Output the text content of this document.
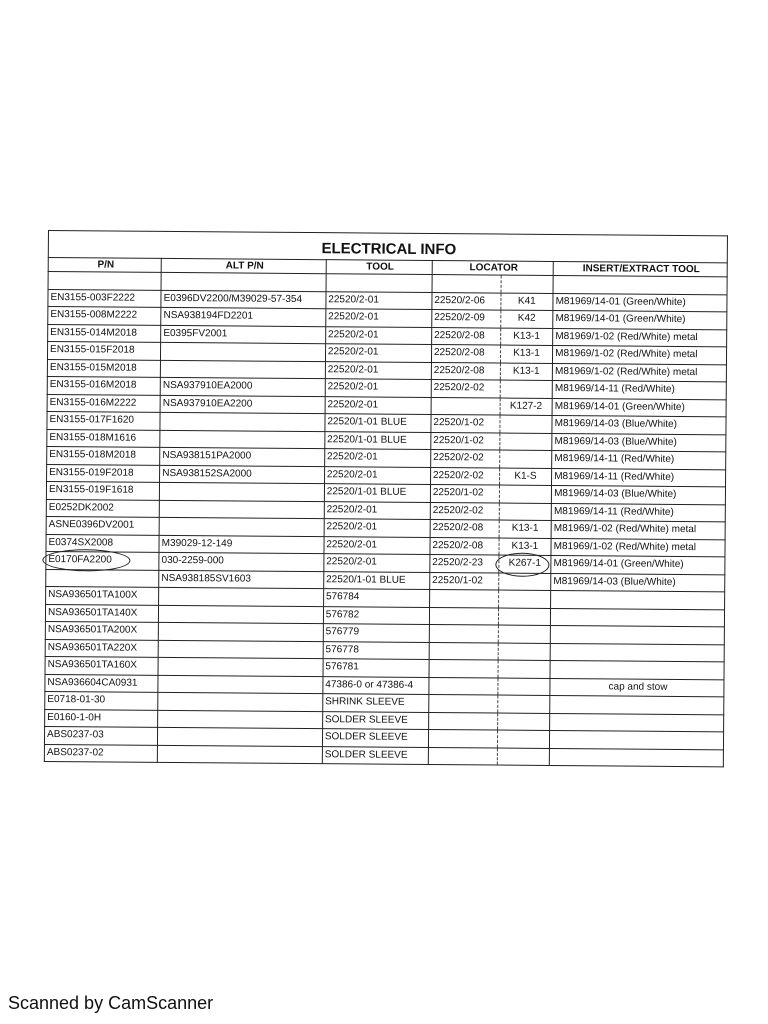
ELECTRICAL INFO					
P/N	ALT P/N	TOOL	LOCATOR		INSERT/EXTRACT TOOL

EN3155-003F2222	E0396DV2200/M39029-57-354	22520/2-01	22520/2-06	K41	M81969/14-01 (Green/White)
EN3155-008M2222	NSA938194FD2201	22520/2-01	22520/2-09	K42	M81969/14-01 (Green/White)
EN3155-014M2018	E0395FV2001	22520/2-01	22520/2-08	K13-1	M81969/1-02 (Red/White) metal
EN3155-015F2018		22520/2-01	22520/2-08	K13-1	M81969/1-02 (Red/White) metal
EN3155-015M2018		22520/2-01	22520/2-08	K13-1	M81969/1-02 (Red/White) metal
EN3155-016M2018	NSA937910EA2000	22520/2-01	22520/2-02		M81969/14-11 (Red/White)
EN3155-016M2222	NSA937910EA2200	22520/2-01		K127-2	M81969/14-01 (Green/White)
EN3155-017F1620		22520/1-01 BLUE	22520/1-02		M81969/14-03 (Blue/White)
EN3155-018M1616		22520/1-01 BLUE	22520/1-02		M81969/14-03 (Blue/White)
EN3155-018M2018	NSA938151PA2000	22520/2-01	22520/2-02		M81969/14-11 (Red/White)
EN3155-019F2018	NSA938152SA2000	22520/2-01	22520/2-02	K1-S	M81969/14-11 (Red/White)
EN3155-019F1618		22520/1-01 BLUE	22520/1-02		M81969/14-03 (Blue/White)
E0252DK2002		22520/2-01	22520/2-02		M81969/14-11 (Red/White)
ASNE0396DV2001		22520/2-01	22520/2-08	K13-1	M81969/1-02 (Red/White) metal
E0374SX2008	M39029-12-149	22520/2-01	22520/2-08	K13-1	M81969/1-02 (Red/White) metal
E0170FA2200	030-2259-000	22520/2-01	22520/2-23	K267-1	M81969/14-01 (Green/White)
	NSA938185SV1603	22520/1-01 BLUE	22520/1-02		M81969/14-03 (Blue/White)
NSA936501TA100X		576784			
NSA936501TA140X		576782			
NSA936501TA200X		576779			
NSA936501TA220X		576778			
NSA936501TA160X		576781			
NSA936604CA0931		47386-0 or 47386-4			cap and stow
E0718-01-30		SHRINK SLEEVE			
E0160-1-0H		SOLDER SLEEVE			
ABS0237-03		SOLDER SLEEVE			
ABS0237-02		SOLDER SLEEVE			
Scanned by CamScanner
